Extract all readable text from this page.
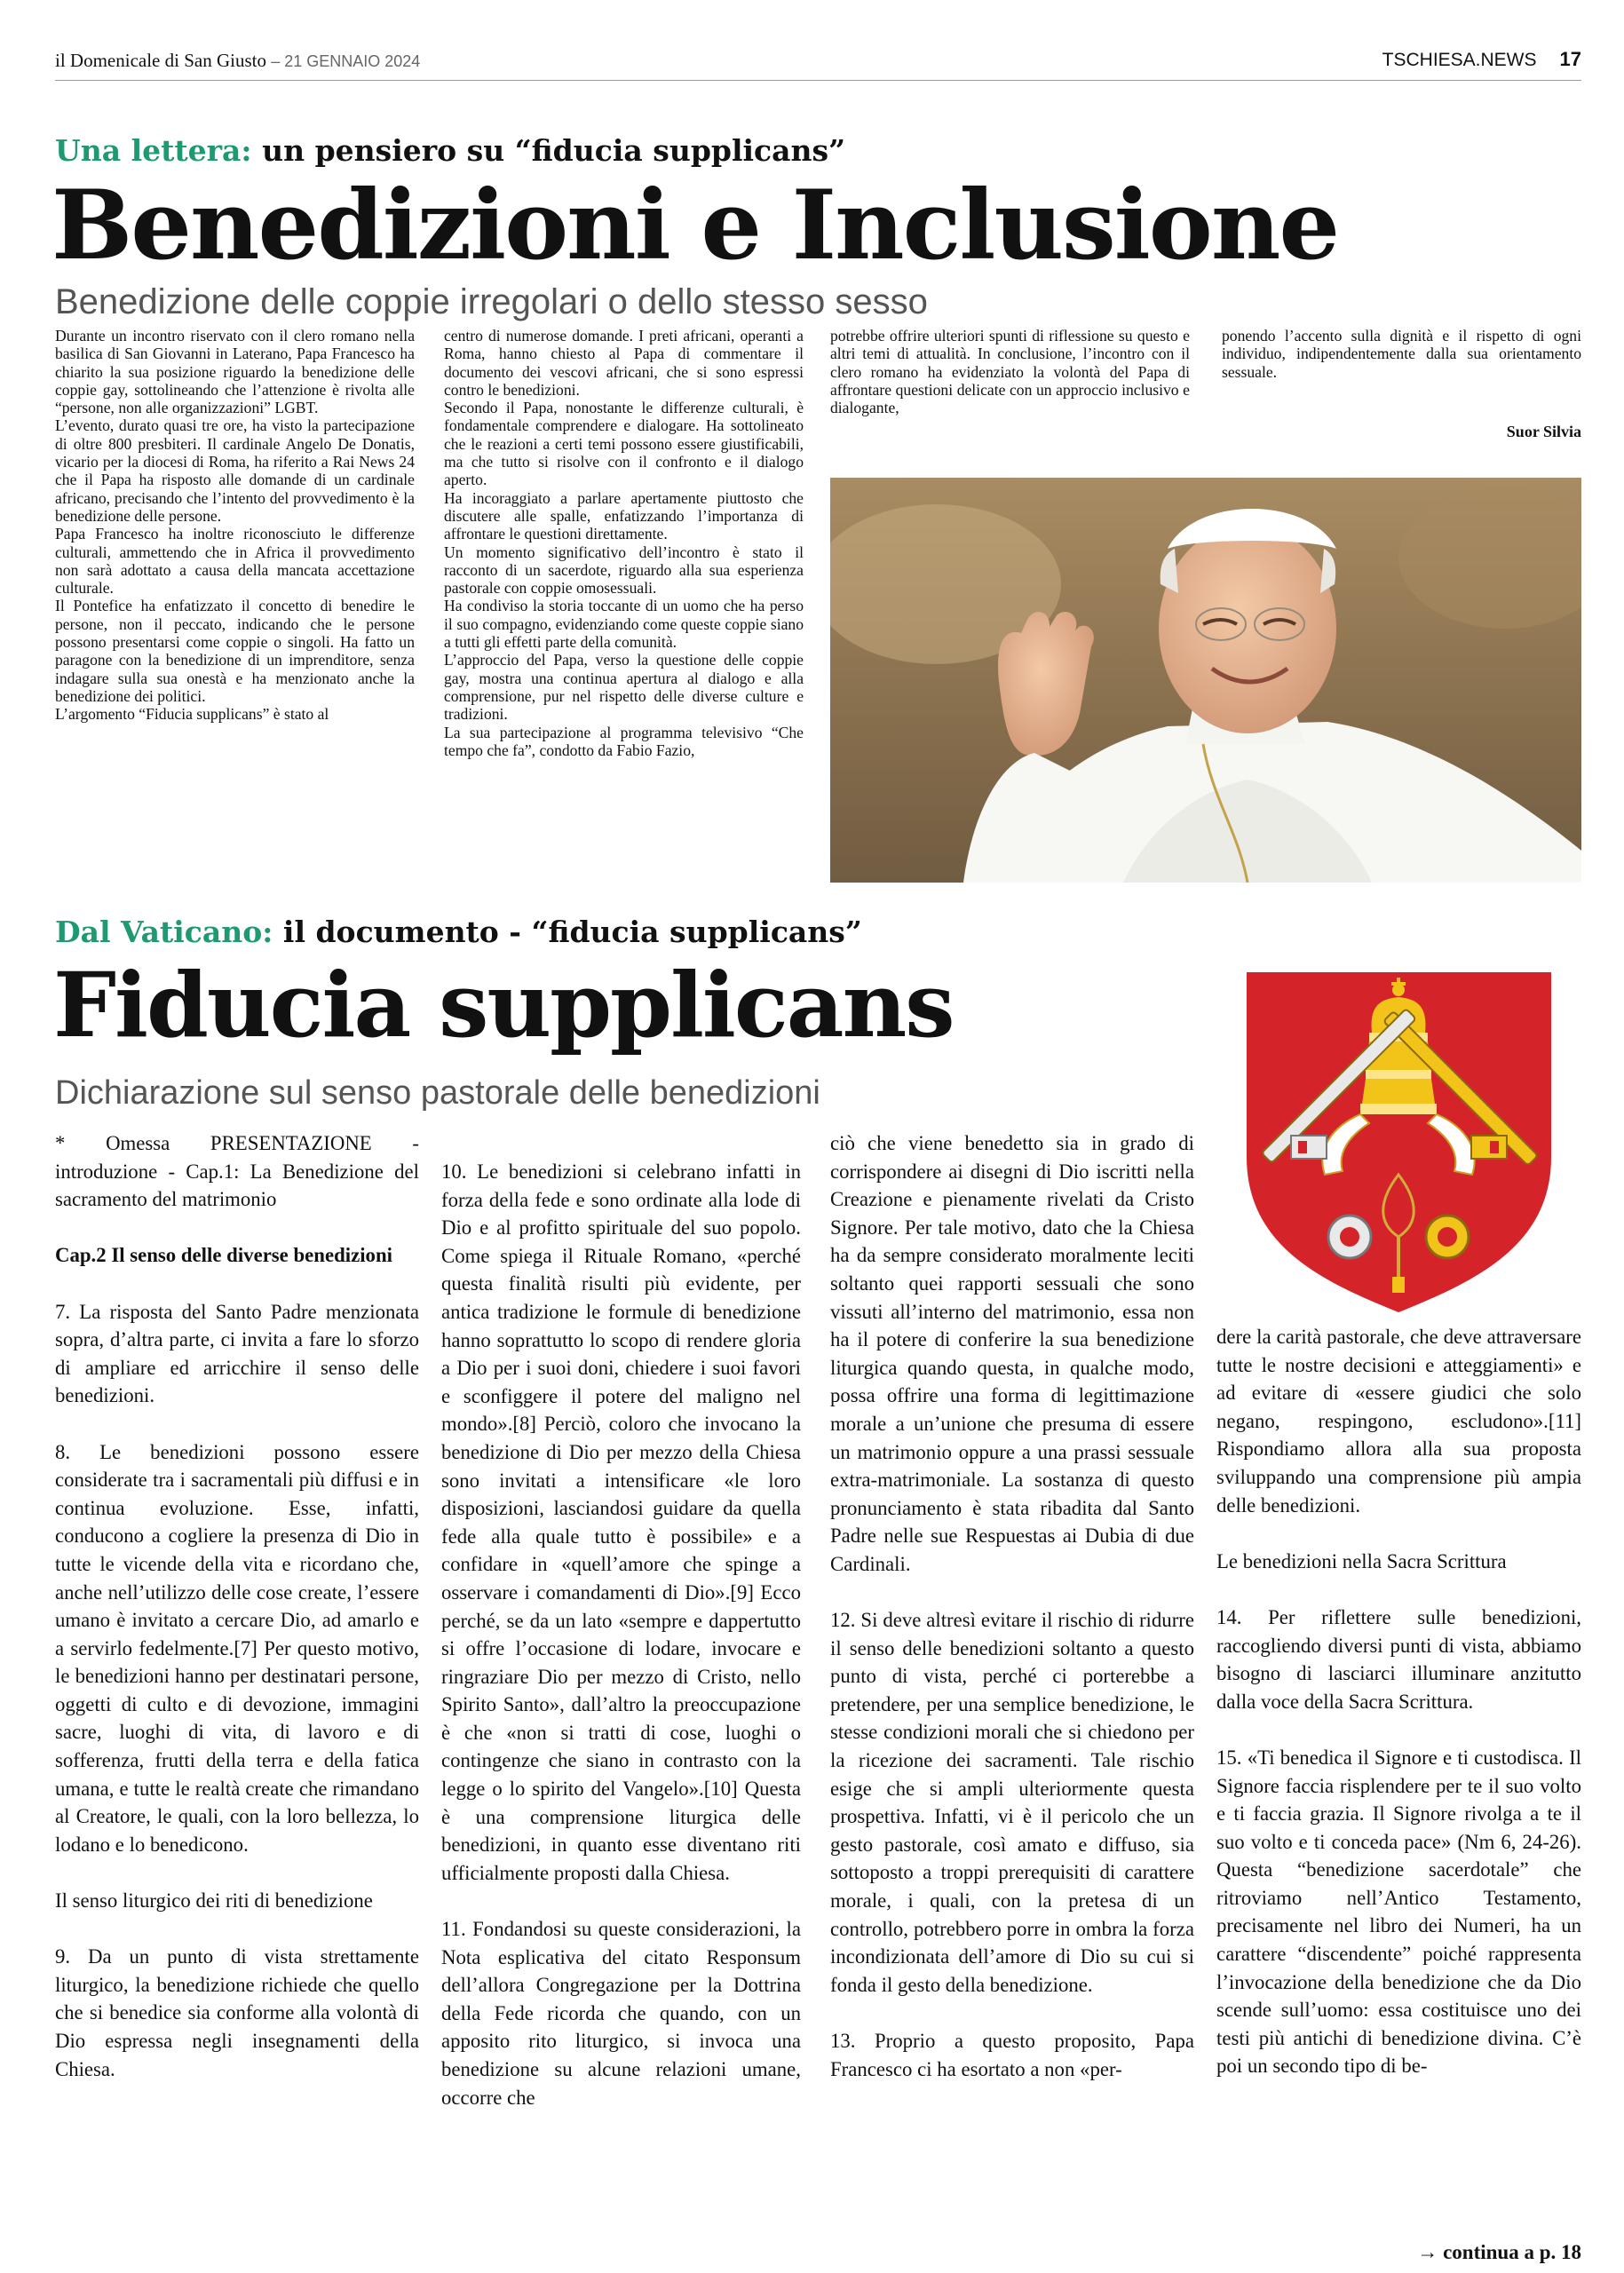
il Domenicale di San Giusto – 21 GENNAIO 2024	TSCHIESA.NEWS 17
Una lettera: un pensiero su “fiducia supplicans”
Benedizioni e Inclusione
Benedizione delle coppie irregolari o dello stesso sesso

Durante un incontro riservato con il clero romano nella basilica di San Giovanni in Laterano, Papa Francesco ha chiarito la sua posizione riguardo la benedizione delle coppie gay, sottolineando che l’attenzione è rivolta alle “persone, non alle organizzazioni” LGBT.

L’evento, durato quasi tre ore, ha visto la partecipazione di oltre 800 presbiteri. Il cardinale Angelo De Donatis, vicario per la diocesi di Roma, ha riferito a Rai News 24 che il Papa ha risposto alle domande di un cardinale africano, precisando che l’intento del provvedimento è la benedizione delle persone.

Papa Francesco ha inoltre riconosciuto le differenze culturali, ammettendo che in Africa il provvedimento non sarà adottato a causa della mancata accettazione culturale.

Il Pontefice ha enfatizzato il concetto di benedire le persone, non il peccato, indicando che le persone possono presentarsi come coppie o singoli. Ha fatto un paragone con la benedizione di un imprenditore, senza indagare sulla sua onestà e ha menzionato anche la benedizione dei politici.

L’argomento “Fiducia supplicans” è stato al

centro di numerose domande. I preti africani, operanti a Roma, hanno chiesto al Papa di commentare il documento dei vescovi africani, che si sono espressi contro le benedizioni.

Secondo il Papa, nonostante le differenze culturali, è fondamentale comprendere e dialogare. Ha sottolineato che le reazioni a certi temi possono essere giustificabili, ma che tutto si risolve con il confronto e il dialogo aperto.

Ha incoraggiato a parlare apertamente piuttosto che discutere alle spalle, enfatizzando l’importanza di affrontare le questioni direttamente.

Un momento significativo dell’incontro è stato il racconto di un sacerdote, riguardo alla sua esperienza pastorale con coppie omosessuali.

Ha condiviso la storia toccante di un uomo che ha perso il suo compagno, evidenziando come queste coppie siano a tutti gli effetti parte della comunità.

L’approccio del Papa, verso la questione delle coppie gay, mostra una continua apertura al dialogo e alla comprensione, pur nel rispetto delle diverse culture e tradizioni.

La sua partecipazione al programma televisivo “Che tempo che fa”, condotto da Fabio Fazio,

potrebbe offrire ulteriori spunti di riflessione su questo e altri temi di attualità. In conclusione, l’incontro con il clero romano ha evidenziato la volontà del Papa di affrontare questioni delicate con un approccio inclusivo e dialogante,

ponendo l’accento sulla dignità e il rispetto di ogni individuo, indipendentemente dalla sua orientamento sessuale.

Suor Silvia
Dal Vaticano: il documento - “fiducia supplicans”
Fiducia supplicans
Dichiarazione sul senso pastorale delle benedizioni

* Omessa PRESENTAZIONE - introduzione - Cap.1: La Benedizione del sacramento del matrimonio

Cap.2 Il senso delle diverse benedizioni

7. La risposta del Santo Padre menzionata sopra, d’altra parte, ci invita a fare lo sforzo di ampliare ed arricchire il senso delle benedizioni.

8. Le benedizioni possono essere considerate tra i sacramentali più diffusi e in continua evoluzione. Esse, infatti, conducono a cogliere la presenza di Dio in tutte le vicende della vita e ricordano che, anche nell’utilizzo delle cose create, l’essere umano è invitato a cercare Dio, ad amarlo e a servirlo fedelmente.[7] Per questo motivo, le benedizioni hanno per destinatari persone, oggetti di culto e di devozione, immagini sacre, luoghi di vita, di lavoro e di sofferenza, frutti della terra e della fatica umana, e tutte le realtà create che rimandano al Creatore, le quali, con la loro bellezza, lo lodano e lo benedicono.

Il senso liturgico dei riti di benedizione

9. Da un punto di vista strettamente liturgico, la benedizione richiede che quello che si benedice sia conforme alla volontà di Dio espressa negli insegnamenti della Chiesa.

10. Le benedizioni si celebrano infatti in forza della fede e sono ordinate alla lode di Dio e al profitto spirituale del suo popolo. Come spiega il Rituale Romano, «perché questa finalità risulti più evidente, per antica tradizione le formule di benedizione hanno soprattutto lo scopo di rendere gloria a Dio per i suoi doni, chiedere i suoi favori e sconfiggere il potere del maligno nel mondo».[8] Perciò, coloro che invocano la benedizione di Dio per mezzo della Chiesa sono invitati a intensificare «le loro disposizioni, lasciandosi guidare da quella fede alla quale tutto è possibile» e a confidare in «quell’amore che spinge a osservare i comandamenti di Dio».[9] Ecco perché, se da un lato «sempre e dappertutto si offre l’occasione di lodare, invocare e ringraziare Dio per mezzo di Cristo, nello Spirito Santo», dall’altro la preoccupazione è che «non si tratti di cose, luoghi o contingenze che siano in contrasto con la legge o lo spirito del Vangelo».[10] Questa è una comprensione liturgica delle benedizioni, in quanto esse diventano riti ufficialmente proposti dalla Chiesa.

11. Fondandosi su queste considerazioni, la Nota esplicativa del citato Responsum dell’allora Congregazione per la Dottrina della Fede ricorda che quando, con un apposito rito liturgico, si invoca una benedizione su alcune relazioni umane, occorre che

ciò che viene benedetto sia in grado di corrispondere ai disegni di Dio iscritti nella Creazione e pienamente rivelati da Cristo Signore. Per tale motivo, dato che la Chiesa ha da sempre considerato moralmente leciti soltanto quei rapporti sessuali che sono vissuti all’interno del matrimonio, essa non ha il potere di conferire la sua benedizione liturgica quando questa, in qualche modo, possa offrire una forma di legittimazione morale a un’unione che presuma di essere un matrimonio oppure a una prassi sessuale extra-matrimoniale. La sostanza di questo pronunciamento è stata ribadita dal Santo Padre nelle sue Respuestas ai Dubia di due Cardinali.

12. Si deve altresì evitare il rischio di ridurre il senso delle benedizioni soltanto a questo punto di vista, perché ci porterebbe a pretendere, per una semplice benedizione, le stesse condizioni morali che si chiedono per la ricezione dei sacramenti. Tale rischio esige che si ampli ulteriormente questa prospettiva. Infatti, vi è il pericolo che un gesto pastorale, così amato e diffuso, sia sottoposto a troppi prerequisiti di carattere morale, i quali, con la pretesa di un controllo, potrebbero porre in ombra la forza incondizionata dell’amore di Dio su cui si fonda il gesto della benedizione.

13. Proprio a questo proposito, Papa Francesco ci ha esortato a non «per-

dere la carità pastorale, che deve attraversare tutte le nostre decisioni e atteggiamenti» e ad evitare di «essere giudici che solo negano, respingono, escludono».[11] Rispondiamo allora alla sua proposta sviluppando una comprensione più ampia delle benedizioni.

Le benedizioni nella Sacra Scrittura

14. Per riflettere sulle benedizioni, raccogliendo diversi punti di vista, abbiamo bisogno di lasciarci illuminare anzitutto dalla voce della Sacra Scrittura.

15. «Ti benedica il Signore e ti custodisca. Il Signore faccia risplendere per te il suo volto e ti faccia grazia. Il Signore rivolga a te il suo volto e ti conceda pace» (Nm 6, 24-26). Questa “benedizione sacerdotale” che ritroviamo nell’Antico Testamento, precisamente nel libro dei Numeri, ha un carattere “discendente” poiché rappresenta l’invocazione della benedizione che da Dio scende sull’uomo: essa costituisce uno dei testi più antichi di benedizione divina. C’è poi un secondo tipo di be-

→ continua a p. 18
